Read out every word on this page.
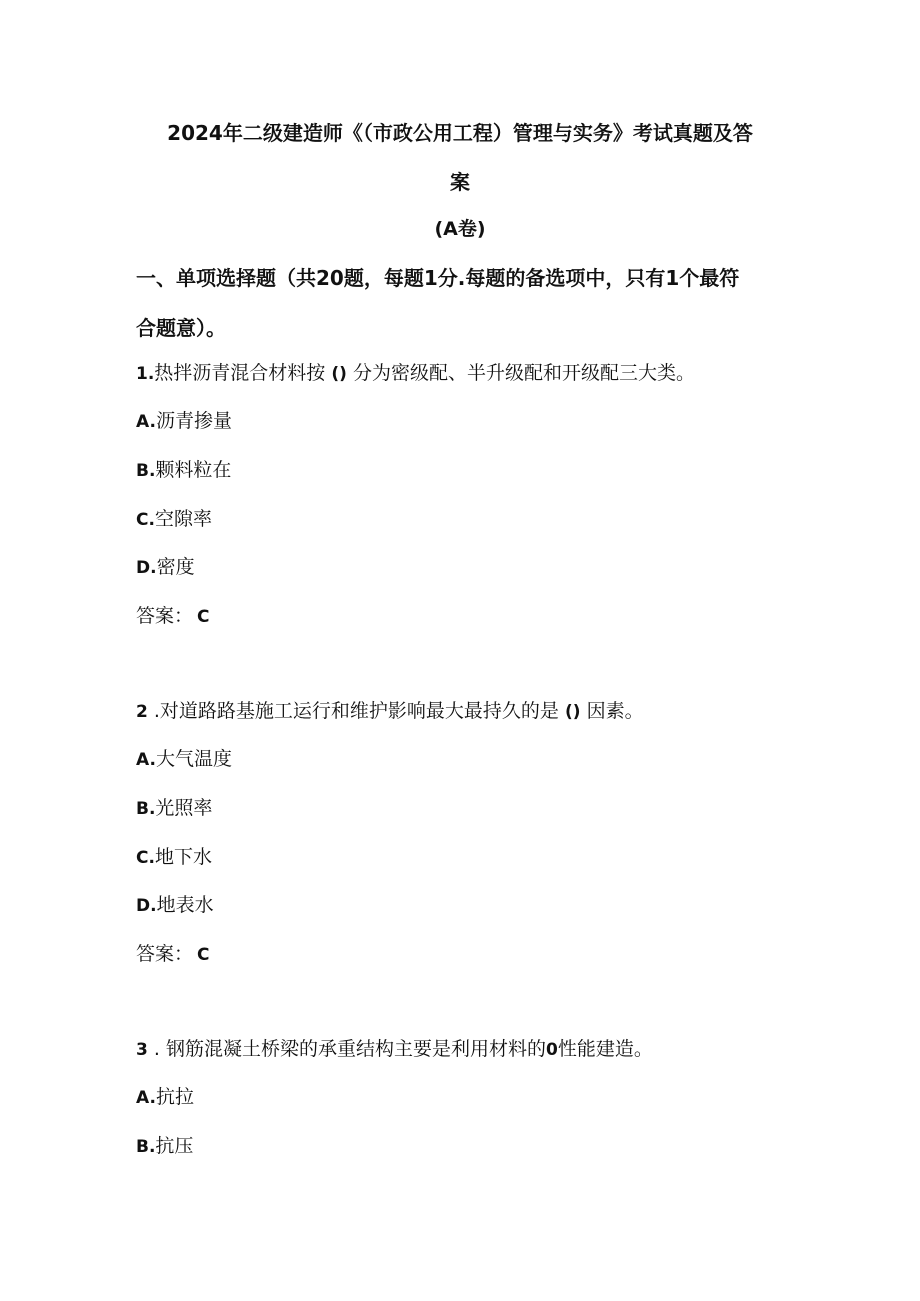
2024年二级建造师《（市政公用工程）管理与实务》考试真题及答
案
(A卷)
一、单项选择题（共20题，每题1分.每题的备选项中，只有1个最符
合题意）。
1.热拌沥青混合材料按 () 分为密级配、半升级配和开级配三大类。
A.沥青掺量
B.颗料粒在
C.空隙率
D.密度
答案： C
2 .对道路路基施工运行和维护影响最大最持久的是 () 因素。
A.大气温度
B.光照率
C.地下水
D.地表水
答案： C
3 . 钢筋混凝土桥梁的承重结构主要是利用材料的0性能建造。
A.抗拉
B.抗压
